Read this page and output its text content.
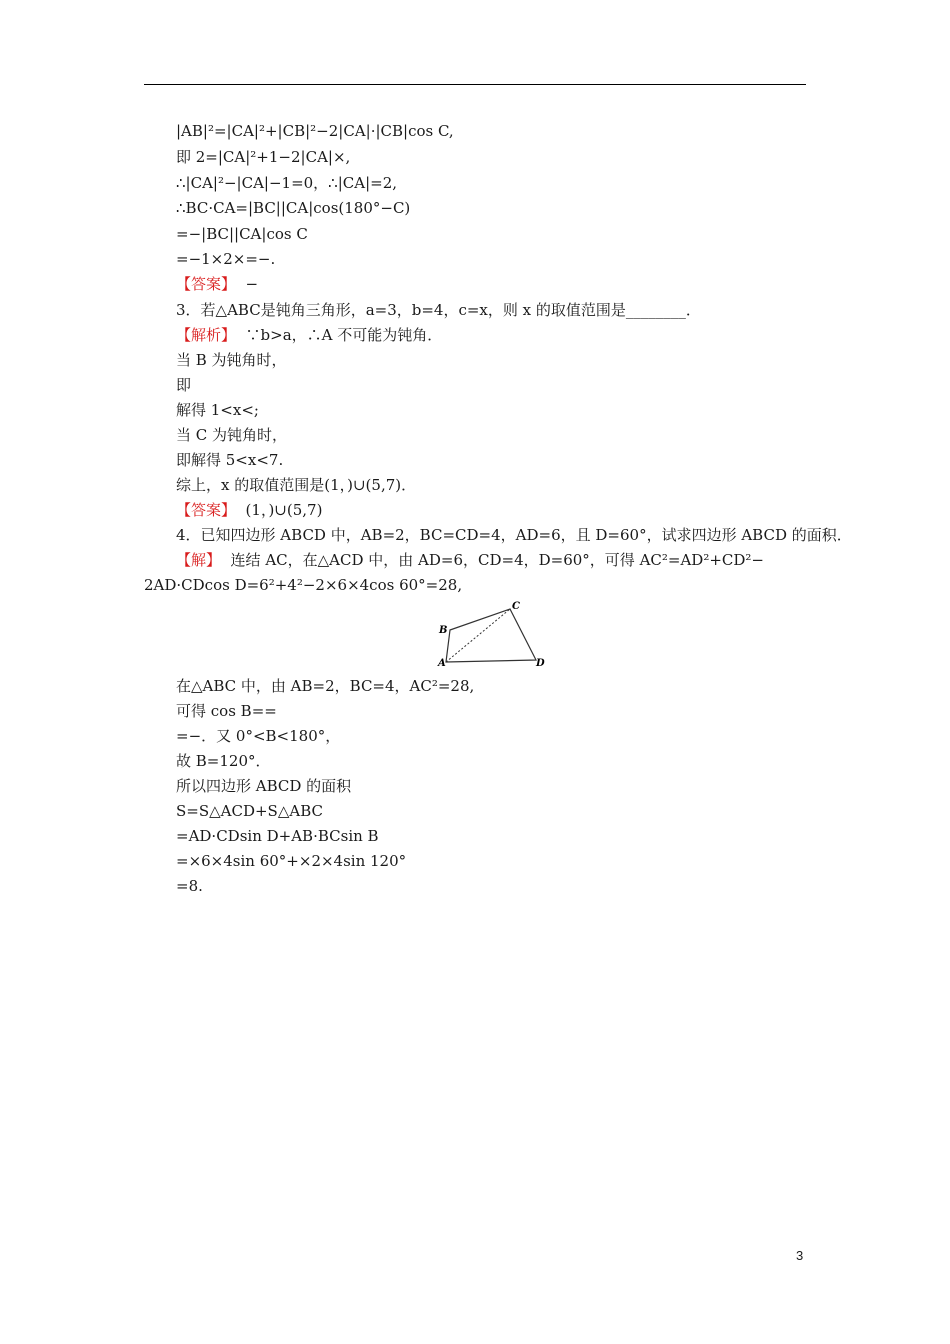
|AB|²=|CA|²+|CB|²−2|CA|·|CB|cos C,
即 2=|CA|²+1−2|CA|×,
∴|CA|²−|CA|−1=0，∴|CA|=2,
∴BC·CA=|BC||CA|cos(180°−C)
=−|BC||CA|cos C
=−1×2×=−.
【答案】  −
3．若△ABC是钝角三角形，a=3，b=4，c=x，则 x 的取值范围是________．
【解析】  ∵b>a，∴A 不可能为钝角．
当 B 为钝角时，
即
解得 1<x<;
当 C 为钝角时，
即解得 5<x<7.
综上，x 的取值范围是(1，)∪(5,7)．
【答案】  (1，)∪(5,7)
4．已知四边形 ABCD 中，AB=2，BC=CD=4，AD=6，且 D=60°，试求四边形 ABCD 的面积．
【解】  连结 AC，在△ACD 中，由 AD=6，CD=4，D=60°，可得 AC²=AD²+CD²−
2AD·CDcos D=6²+4²−2×6×4cos 60°=28,
A
B
C
D
在△ABC 中，由 AB=2，BC=4，AC²=28,
可得 cos B==
=−．又 0°<B<180°，
故 B=120°．
所以四边形 ABCD 的面积
S=S△ACD+S△ABC
=AD·CDsin D+AB·BCsin B
=×6×4sin 60°+×2×4sin 120°
=8.
3
